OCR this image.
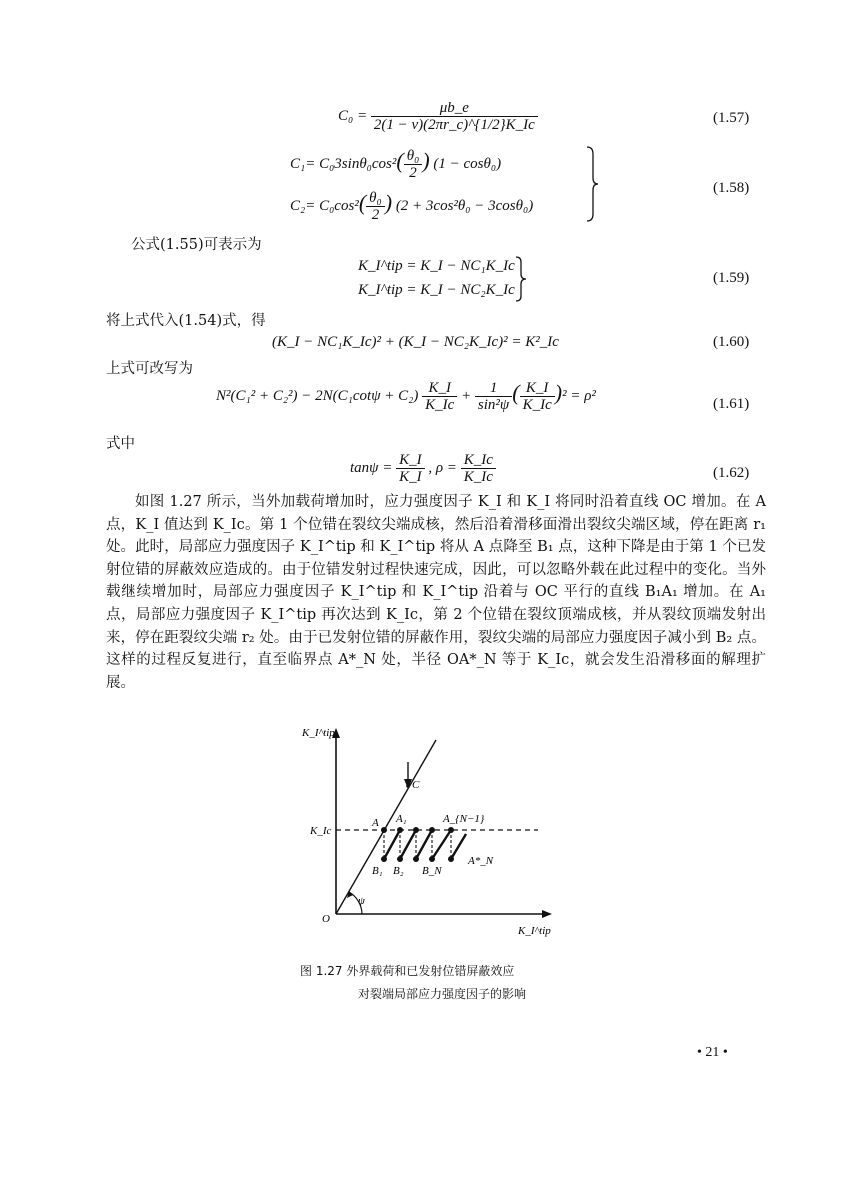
$C_0 = \frac{\mu b\_e}{2(1 - \nu)(2\pi r\_c)\^{}\{1/2\}K\_Ic}$	(1.57)
$C_1= C_03\sin\theta_0\cos^2( \frac{\text{θ₀}}{2}$ ) (1 − cosθ₀)
$C_2= C_0\cos^2( \frac{\text{θ₀}}{2}$ ) (2 + 3cos²θ₀ − 3cosθ₀)
(1.58)
公式(1.55)可表示为
K_I^tip = K_I − NC₁K_Ic
K_I^tip = K_I − NC₂K_Ic
(1.59)
将上式代入(1.54)式，得
(K_I − NC₁K_Ic)² + (K_I − NC₂K_Ic)² = K²_Ic	(1.60)
上式可改写为
$N^2(C_1^2 + C_2^2) - 2N(C_1\cot\psi + C_2) \frac{K\_I}{K\_Ic} + \frac{1}{\text{sin²ψ}}$ ( $\frac{K\_I}{K\_Ic} )^2 = \rho^2$	(1.61)
式中
$\tan\psi = \frac{K\_I}{K\_I}$ , $\rho = \frac{K\_Ic}{K\_Ic}$	(1.62)

如图 1.27 所示，当外加载荷增加时，应力强度因子 K_I 和 K_I 将同时沿着直线 OC 增加。在 A 点，K_I 值达到 K_Ic。第 1 个位错在裂纹尖端成核，然后沿着滑移面滑出裂纹尖端区域，停在距离 r₁ 处。此时，局部应力强度因子 K_I^tip 和 K_I^tip 将从 A 点降至 B₁ 点，这种下降是由于第 1 个已发射位错的屏蔽效应造成的。由于位错发射过程快速完成，因此，可以忽略外载在此过程中的变化。当外载继续增加时，局部应力强度因子 K_I^tip 和 K_I^tip 沿着与 OC 平行的直线 B₁A₁ 增加。在 A₁ 点，局部应力强度因子 K_I^tip 再次达到 K_Ic，第 2 个位错在裂纹顶端成核，并从裂纹顶端发射出来，停在距裂纹尖端 r₂ 处。由于已发射位错的屏蔽作用，裂纹尖端的局部应力强度因子减小到 B₂ 点。这样的过程反复进行，直至临界点 A*_N 处，半径 OA*_N 等于 K_Ic，就会发生沿滑移面的解理扩展。

K_I^tip
K_I^tip
K_Ic
O
ψ
C
A A₁	A_{N−1}
A*_N
B₁ B₂ B_N
图 1.27 外界载荷和已发射位错屏蔽效应
对裂端局部应力强度因子的影响
• 21 •
